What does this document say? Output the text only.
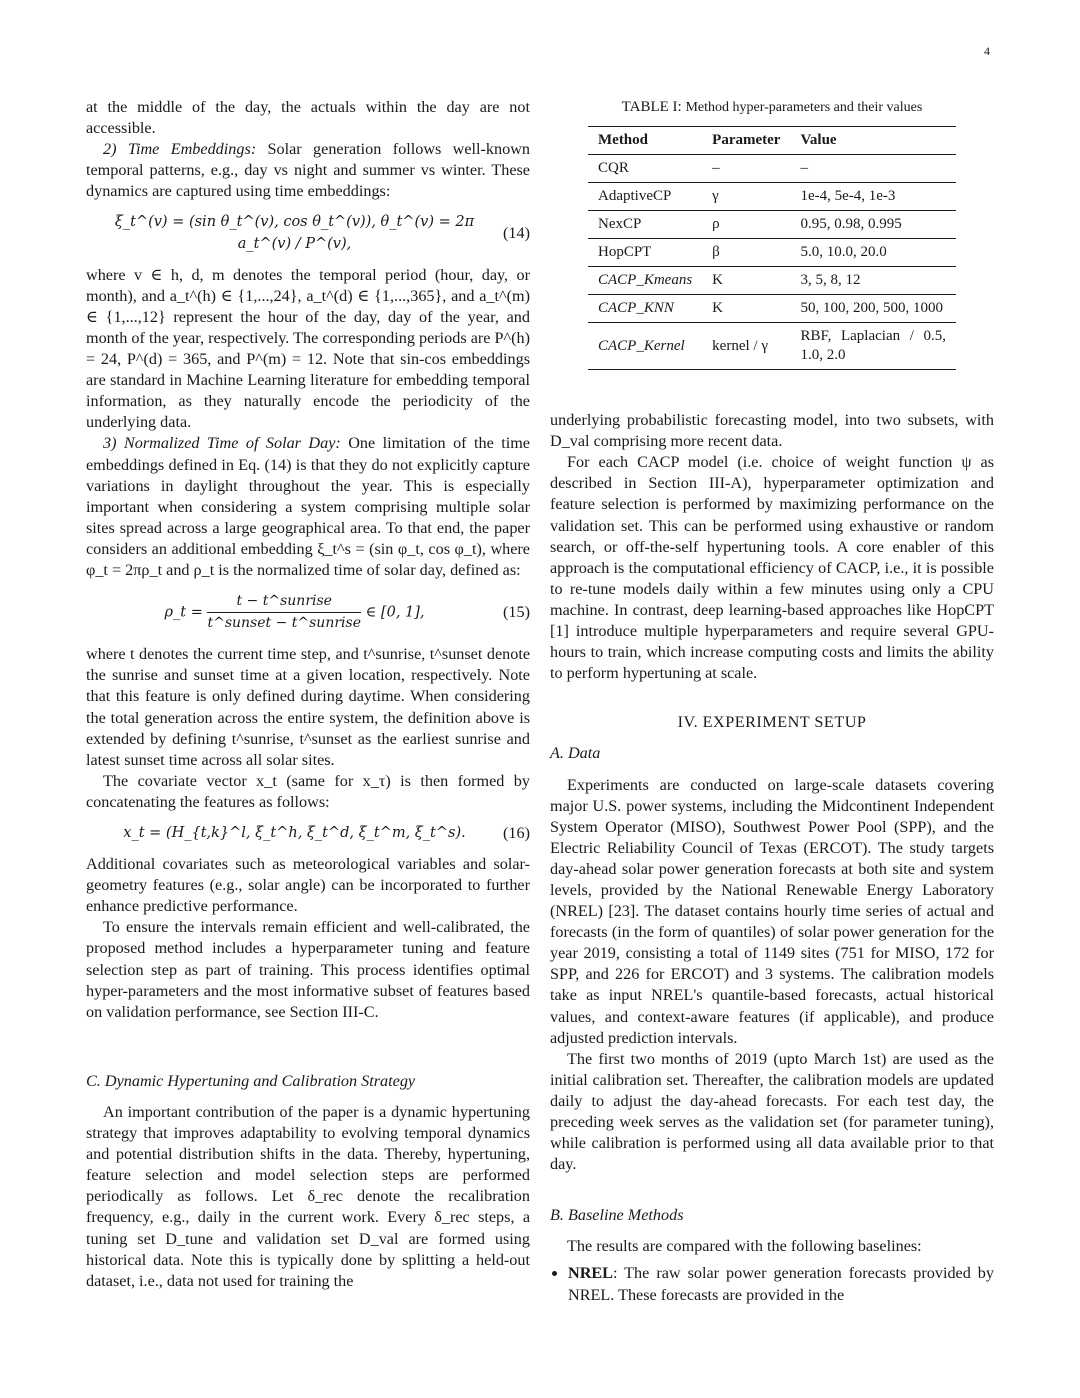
4

at the middle of the day, the actuals within the day are not accessible.

2) Time Embeddings: Solar generation follows well-known temporal patterns, e.g., day vs night and summer vs winter. These dynamics are captured using time embeddings:

ξ_t^(v) = (sin θ_t^(v), cos θ_t^(v)), θ_t^(v) = 2π a_t^(v) / P^(v),
(14)

where v ∈ h, d, m denotes the temporal period (hour, day, or month), and a_t^(h) ∈ {1,...,24}, a_t^(d) ∈ {1,...,365}, and a_t^(m) ∈ {1,...,12} represent the hour of the day, day of the year, and month of the year, respectively. The corresponding periods are P^(h) = 24, P^(d) = 365, and P^(m) = 12. Note that sin-cos embeddings are standard in Machine Learning literature for embedding temporal information, as they naturally encode the periodicity of the underlying data.

3) Normalized Time of Solar Day: One limitation of the time embeddings defined in Eq. (14) is that they do not explicitly capture variations in daylight throughout the year. This is especially important when considering a system comprising multiple solar sites spread across a large geographical area. To that end, the paper considers an additional embedding ξ_t^s = (sin φ_t, cos φ_t), where φ_t = 2πρ_t and ρ_t is the normalized time of solar day, defined as:

ρ_t = $\frac{\text{t − t\textasciicircum{}sunrise}}{\text{t\textasciicircum{}sunset − t\textasciicircum{}sunrise}}$ ∈ [0, 1],	(15)

where t denotes the current time step, and t^sunrise, t^sunset denote the sunrise and sunset time at a given location, respectively. Note that this feature is only defined during daytime. When considering the total generation across the entire system, the definition above is extended by defining t^sunrise, t^sunset as the earliest sunrise and latest sunset time across all solar sites.

The covariate vector x_t (same for x_τ) is then formed by concatenating the features as follows:

x_t = (H_{t,k}^l, ξ_t^h, ξ_t^d, ξ_t^m, ξ_t^s).	(16)

Additional covariates such as meteorological variables and solar-geometry features (e.g., solar angle) can be incorporated to further enhance predictive performance.

To ensure the intervals remain efficient and well-calibrated, the proposed method includes a hyperparameter tuning and feature selection step as part of training. This process identifies optimal hyper-parameters and the most informative subset of features based on validation performance, see Section III-C.

C. Dynamic Hypertuning and Calibration Strategy

An important contribution of the paper is a dynamic hypertuning strategy that improves adaptability to evolving temporal dynamics and potential distribution shifts in the data. Thereby, hypertuning, feature selection and model selection steps are performed periodically as follows. Let δ_rec denote the recalibration frequency, e.g., daily in the current work. Every δ_rec steps, a tuning set D_tune and validation set D_val are formed using historical data. Note this is typically done by splitting a held-out dataset, i.e., data not used for training the

TABLE I: Method hyper-parameters and their values

Method	Parameter	Value
CQR	–	–
AdaptiveCP	γ	1e-4, 5e-4, 1e-3
NexCP	ρ	0.95, 0.98, 0.995
HopCPT	β	5.0, 10.0, 20.0
CACP_Kmeans	K	3, 5, 8, 12
CACP_KNN	K	50, 100, 200, 500, 1000
CACP_Kernel	kernel / γ	RBF, Laplacian / 0.5, 1.0, 2.0

underlying probabilistic forecasting model, into two subsets, with D_val comprising more recent data.

For each CACP model (i.e. choice of weight function ψ as described in Section III-A), hyperparameter optimization and feature selection is performed by maximizing performance on the validation set. This can be performed using exhaustive or random search, or off-the-self hypertuning tools. A core enabler of this approach is the computational efficiency of CACP, i.e., it is possible to re-tune models daily within a few minutes using only a CPU machine. In contrast, deep learning-based approaches like HopCPT [1] introduce multiple hyperparameters and require several GPU-hours to train, which increase computing costs and limits the ability to perform hypertuning at scale.

IV. EXPERIMENT SETUP

A. Data

Experiments are conducted on large-scale datasets covering major U.S. power systems, including the Midcontinent Independent System Operator (MISO), Southwest Power Pool (SPP), and the Electric Reliability Council of Texas (ERCOT). The study targets day-ahead solar power generation forecasts at both site and system levels, provided by the National Renewable Energy Laboratory (NREL) [23]. The dataset contains hourly time series of actual and forecasts (in the form of quantiles) of solar power generation for the year 2019, consisting a total of 1149 sites (751 for MISO, 172 for SPP, and 226 for ERCOT) and 3 systems. The calibration models take as input NREL's quantile-based forecasts, actual historical values, and context-aware features (if applicable), and produce adjusted prediction intervals.

The first two months of 2019 (upto March 1st) are used as the initial calibration set. Thereafter, the calibration models are updated daily to adjust the day-ahead forecasts. For each test day, the preceding week serves as the validation set (for parameter tuning), while calibration is performed using all data available prior to that day.

B. Baseline Methods

The results are compared with the following baselines:

• NREL: The raw solar power generation forecasts provided by NREL. These forecasts are provided in the
